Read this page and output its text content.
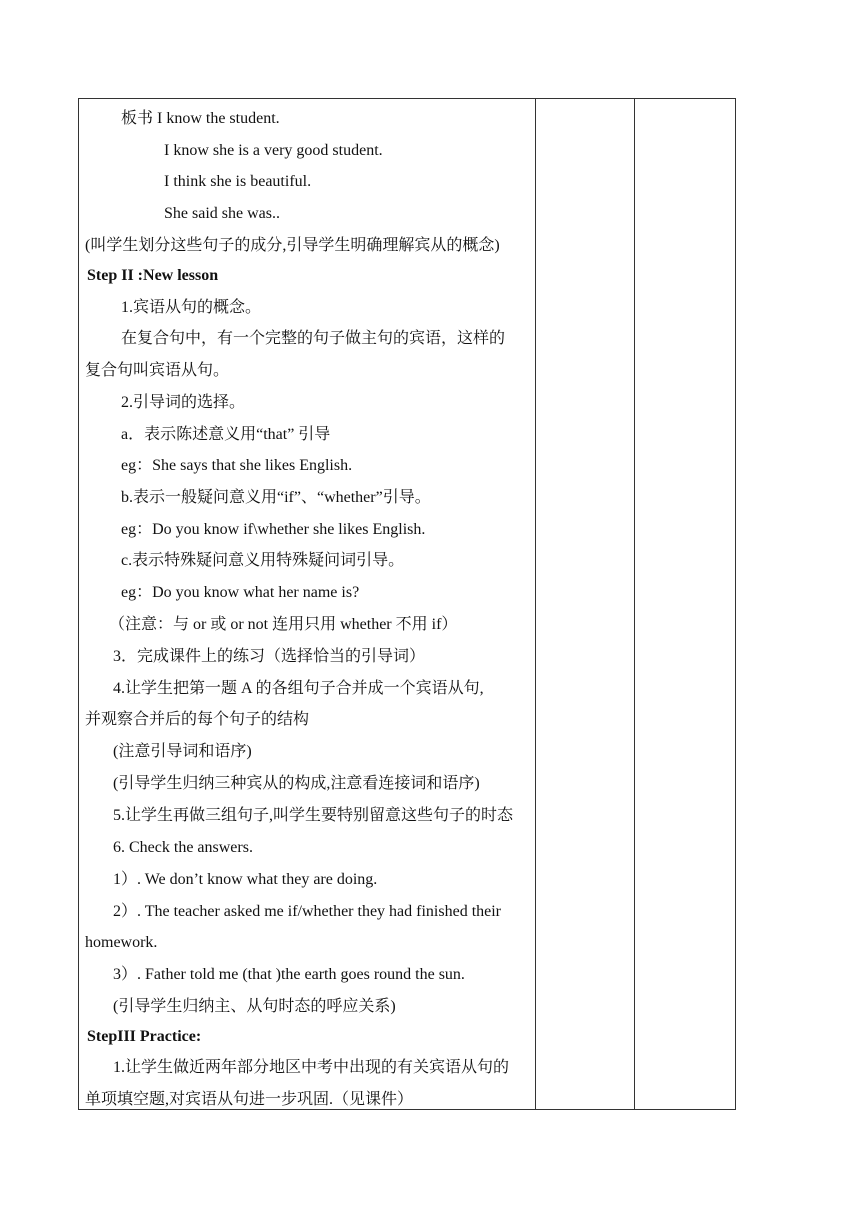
板书 I know the student.
I know she is a very good student.
I think she is beautiful.
She said she was..
(叫学生划分这些句子的成分,引导学生明确理解宾从的概念)
Step II :New lesson
1.宾语从句的概念。
在复合句中，有一个完整的句子做主句的宾语，这样的
复合句叫宾语从句。
2.引导词的选择。
a．表示陈述意义用“that” 引导
eg：She says that she likes English.
b.表示一般疑问意义用“if”、“whether”引导。
eg：Do you know if\whether she likes English.
c.表示特殊疑问意义用特殊疑问词引导。
eg：Do you know what her name is?
（注意：与 or 或 or not 连用只用 whether 不用 if）
3．完成课件上的练习（选择恰当的引导词）
4.让学生把第一题 A 的各组句子合并成一个宾语从句,
并观察合并后的每个句子的结构
(注意引导词和语序)
(引导学生归纳三种宾从的构成,注意看连接词和语序)
5.让学生再做三组句子,叫学生要特别留意这些句子的时态
6. Check the answers.
1）. We don’t know what they are doing.
2）. The teacher asked me if/whether they had finished their
homework.
3）. Father told me (that )the earth goes round the sun.
(引导学生归纳主、从句时态的呼应关系)
StepIII Practice:
1.让学生做近两年部分地区中考中出现的有关宾语从句的
单项填空题,对宾语从句进一步巩固.（见课件）
